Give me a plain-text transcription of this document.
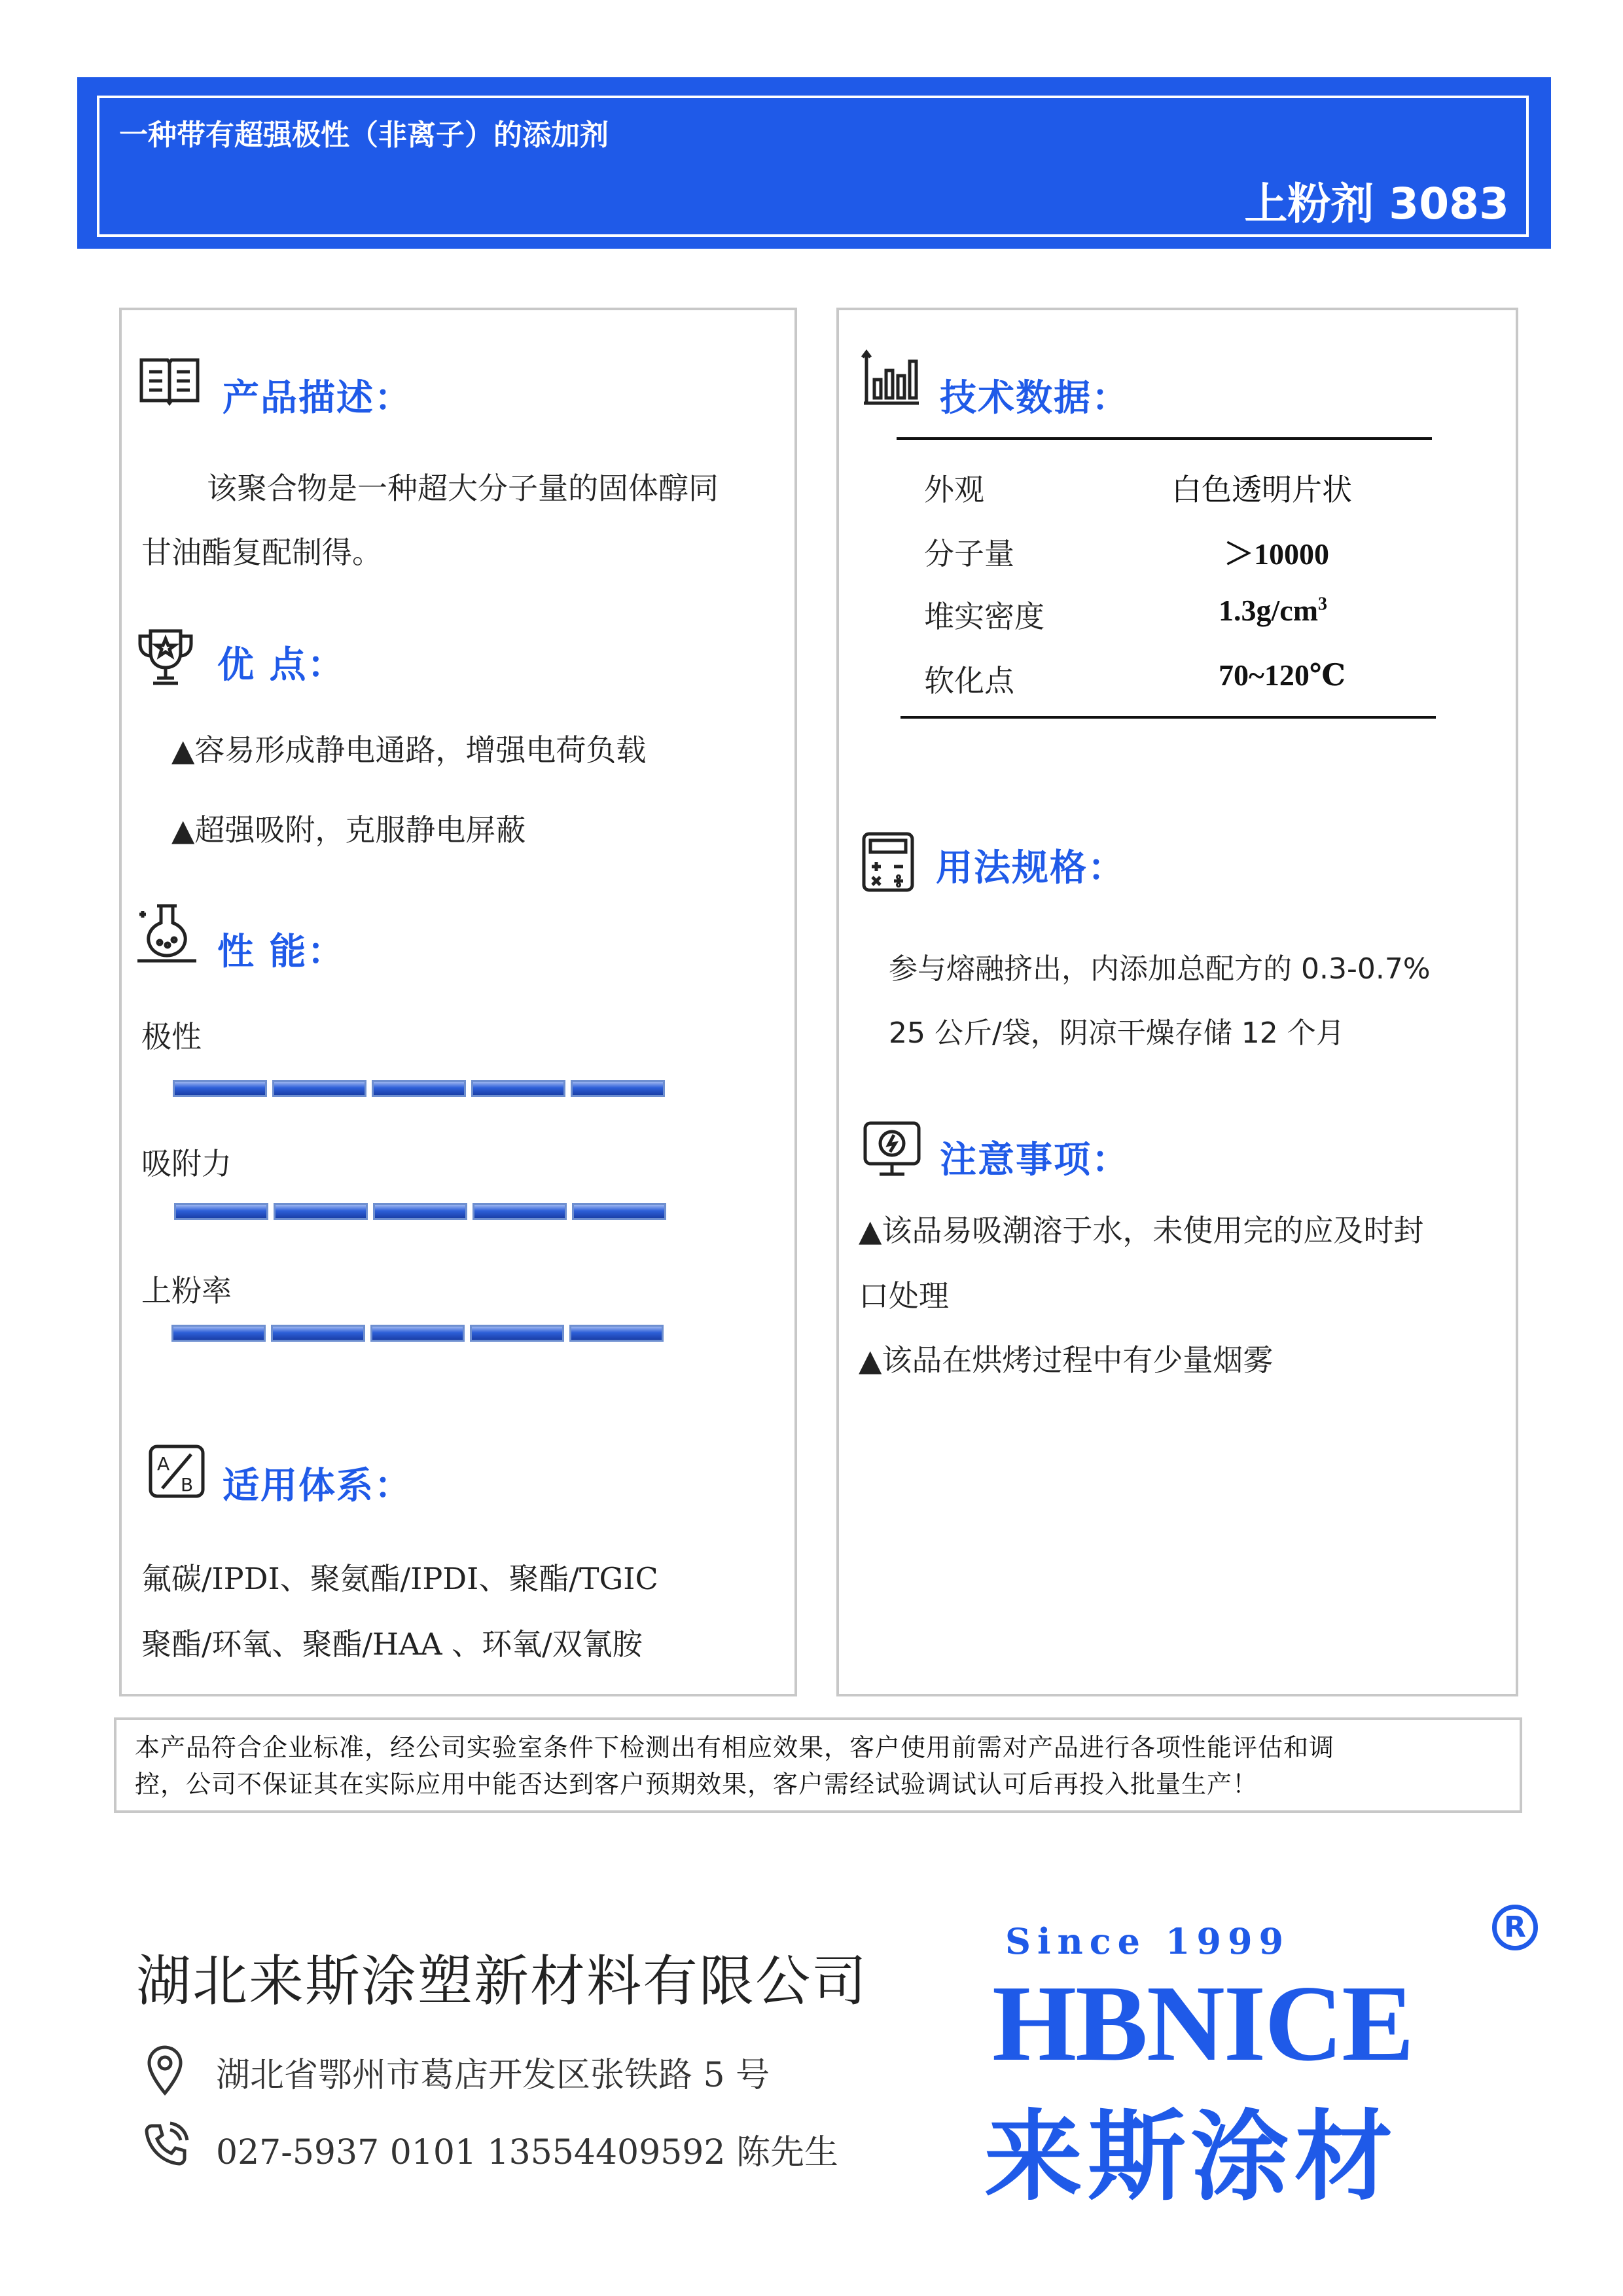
一种带有超强极性（非离子）的添加剂
上粉剂 3083
产品描述：
该聚合物是一种超大分子量的固体醇同
甘油酯复配制得。
优 点：
▲容易形成静电通路，增强电荷负载
▲超强吸附，克服静电屏蔽
性 能：
极性
吸附力
上粉率
A
B 适用体系：
氟碳/IPDI、聚氨酯/IPDI、聚酯/TGIC
聚酯/环氧、聚酯/HAA 、环氧/双氰胺
技术数据：
外观	白色透明片状
分子量	＞10000
堆实密度	$1.3g/cm^3$
软化点	70~120℃
用法规格：
参与熔融挤出，内添加总配方的 0.3-0.7%
25 公斤/袋，阴凉干燥存储 12 个月
注意事项：
▲该品易吸潮溶于水，未使用完的应及时封
口处理
▲该品在烘烤过程中有少量烟雾
本产品符合企业标准，经公司实验室条件下检测出有相应效果，客户使用前需对产品进行各项性能评估和调
控，公司不保证其在实际应用中能否达到客户预期效果，客户需经试验调试认可后再投入批量生产！
湖北来斯涂塑新材料有限公司
湖北省鄂州市葛店开发区张铁路 5 号
027-5937 0101 13554409592 陈先生
Since 1999	R
HBNICE
来斯涂材
